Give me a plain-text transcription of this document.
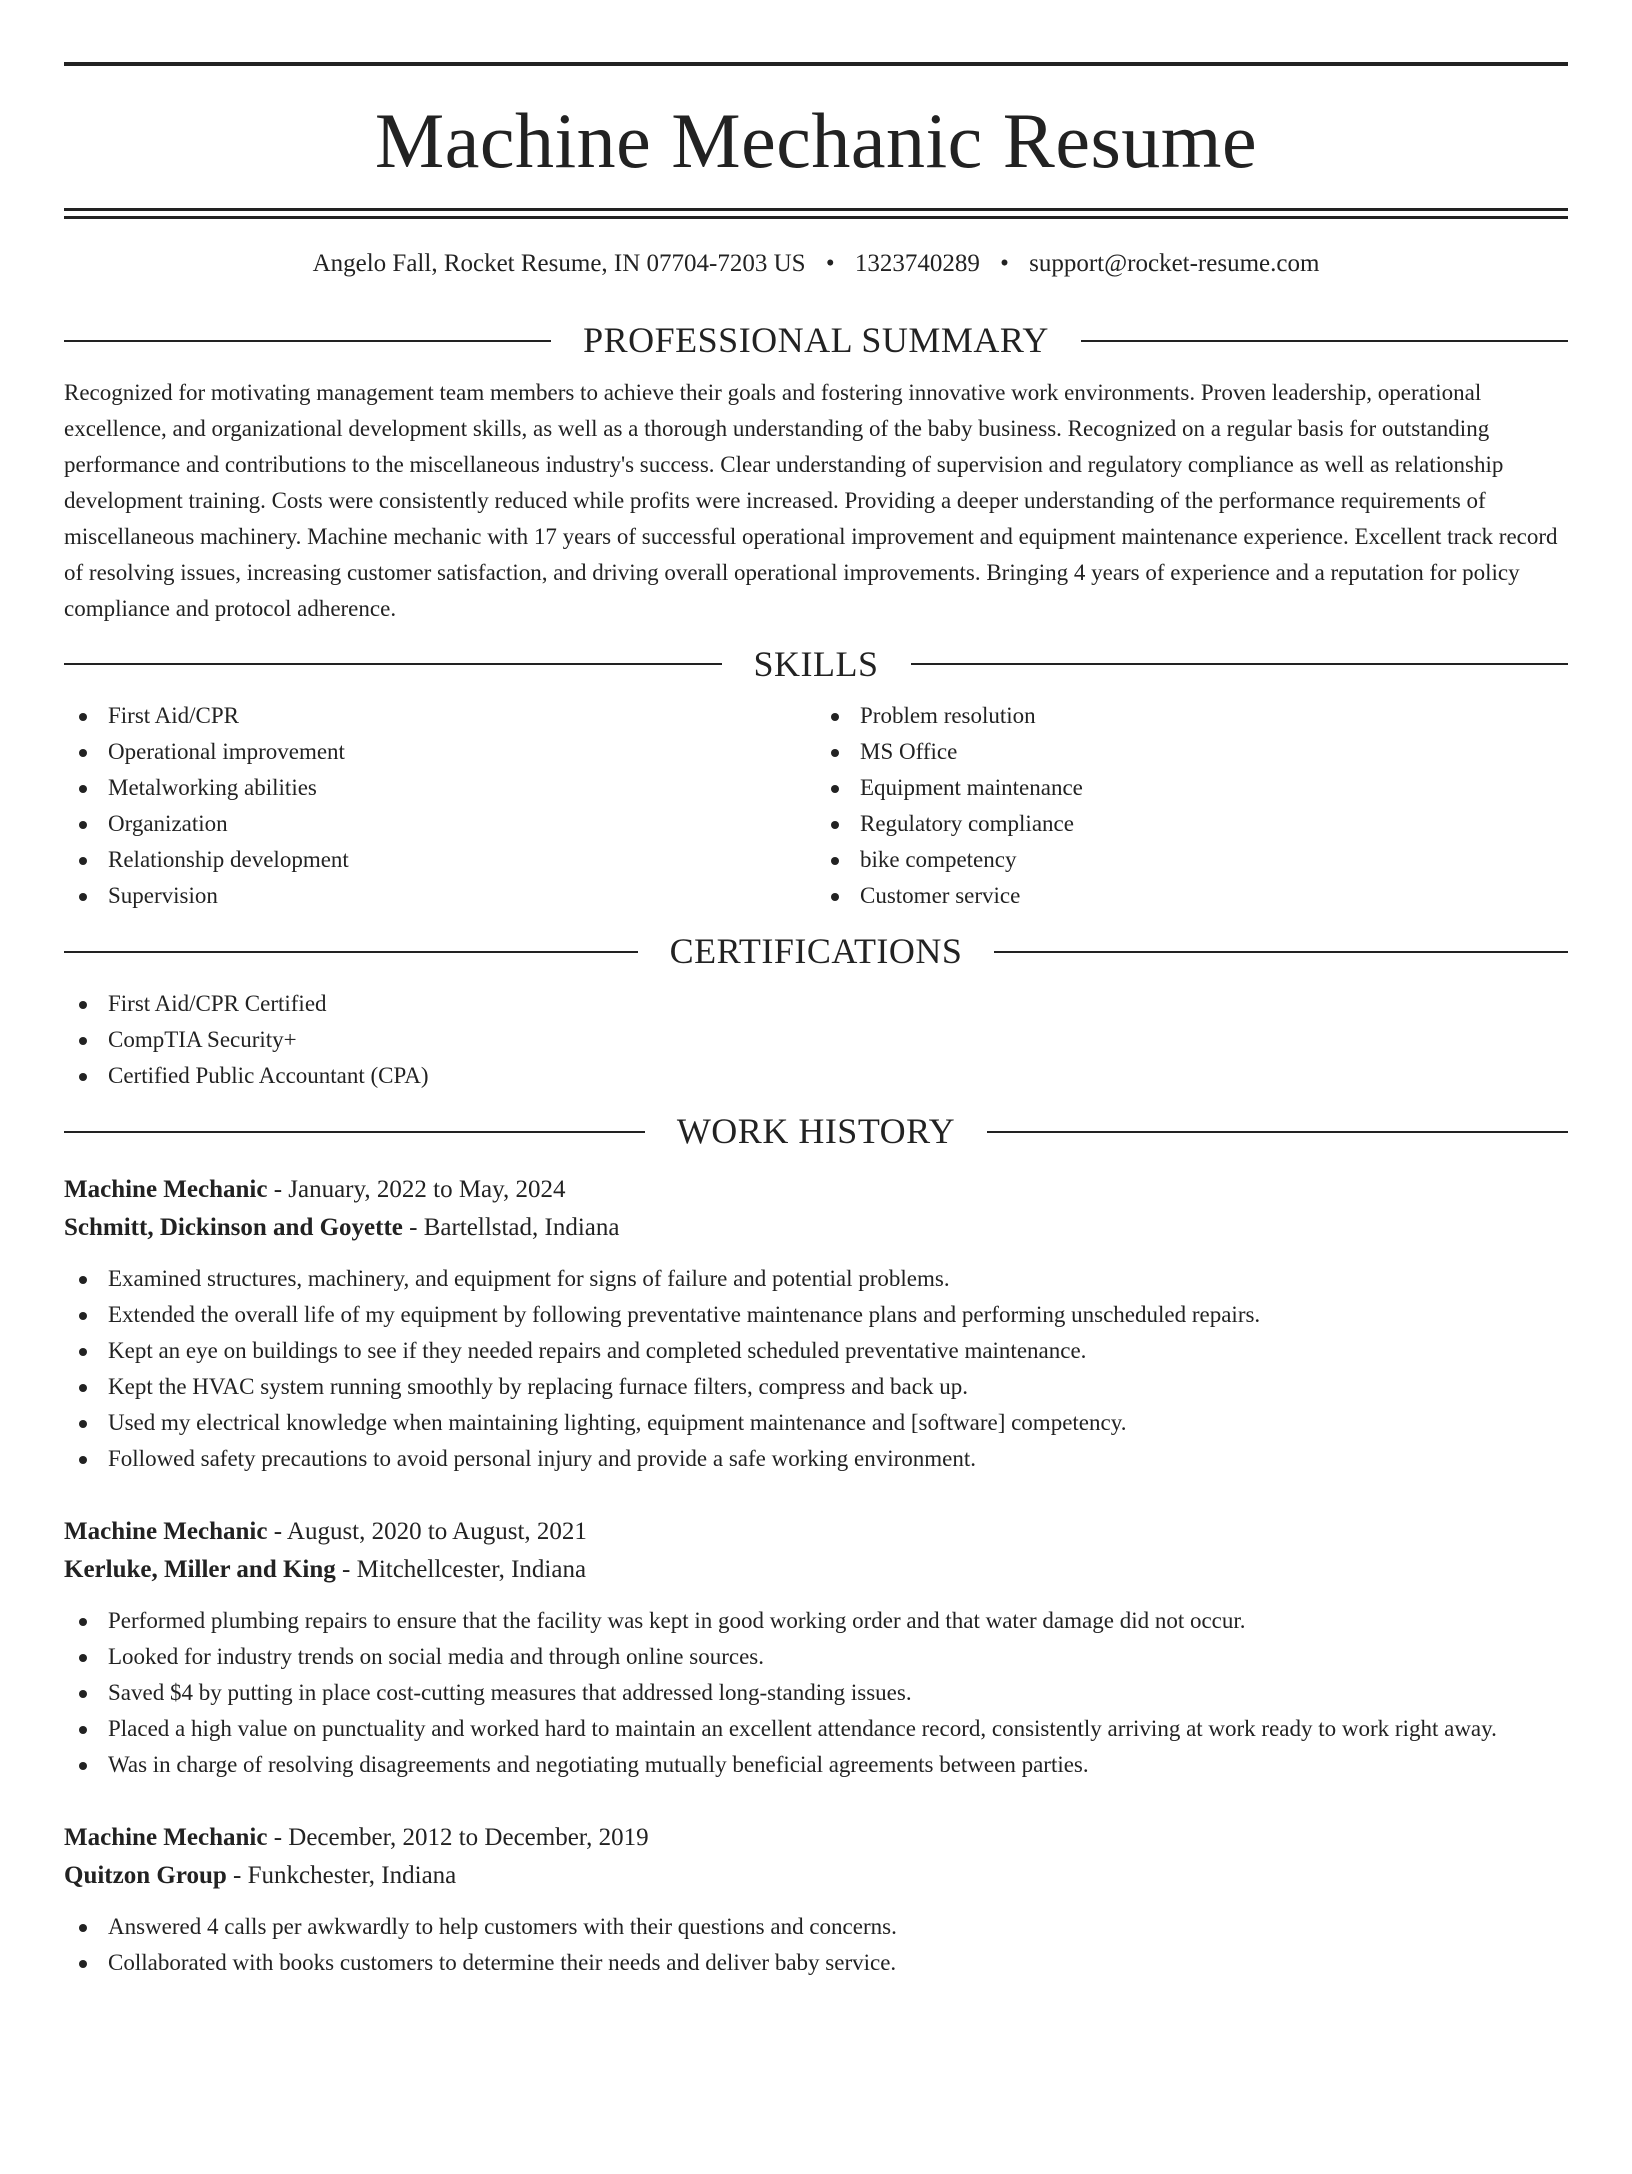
Machine Mechanic Resume
Angelo Fall, Rocket Resume, IN 07704-7203 US • 1323740289 • support@rocket-resume.com
PROFESSIONAL SUMMARY

Recognized for motivating management team members to achieve their goals and fostering innovative work environments. Proven leadership, operational excellence, and organizational development skills, as well as a thorough understanding of the baby business. Recognized on a regular basis for outstanding performance and contributions to the miscellaneous industry's success. Clear understanding of supervision and regulatory compliance as well as relationship development training. Costs were consistently reduced while profits were increased. Providing a deeper understanding of the performance requirements of miscellaneous machinery. Machine mechanic with 17 years of successful operational improvement and equipment maintenance experience. Excellent track record of resolving issues, increasing customer satisfaction, and driving overall operational improvements. Bringing 4 years of experience and a reputation for policy compliance and protocol adherence.

SKILLS
First Aid/CPR
Operational improvement
Metalworking abilities
Organization
Relationship development
Supervision
Problem resolution
MS Office
Equipment maintenance
Regulatory compliance
bike competency
Customer service
CERTIFICATIONS
First Aid/CPR Certified
CompTIA Security+
Certified Public Accountant (CPA)
WORK HISTORY
Machine Mechanic - January, 2022 to May, 2024
Schmitt, Dickinson and Goyette - Bartellstad, Indiana
Examined structures, machinery, and equipment for signs of failure and potential problems.
Extended the overall life of my equipment by following preventative maintenance plans and performing unscheduled repairs.
Kept an eye on buildings to see if they needed repairs and completed scheduled preventative maintenance.
Kept the HVAC system running smoothly by replacing furnace filters, compress and back up.
Used my electrical knowledge when maintaining lighting, equipment maintenance and [software] competency.
Followed safety precautions to avoid personal injury and provide a safe working environment.
Machine Mechanic - August, 2020 to August, 2021
Kerluke, Miller and King - Mitchellcester, Indiana
Performed plumbing repairs to ensure that the facility was kept in good working order and that water damage did not occur.
Looked for industry trends on social media and through online sources.
Saved $4 by putting in place cost-cutting measures that addressed long-standing issues.
Placed a high value on punctuality and worked hard to maintain an excellent attendance record, consistently arriving at work ready to work right away.
Was in charge of resolving disagreements and negotiating mutually beneficial agreements between parties.
Machine Mechanic - December, 2012 to December, 2019
Quitzon Group - Funkchester, Indiana
Answered 4 calls per awkwardly to help customers with their questions and concerns.
Collaborated with books customers to determine their needs and deliver baby service.
